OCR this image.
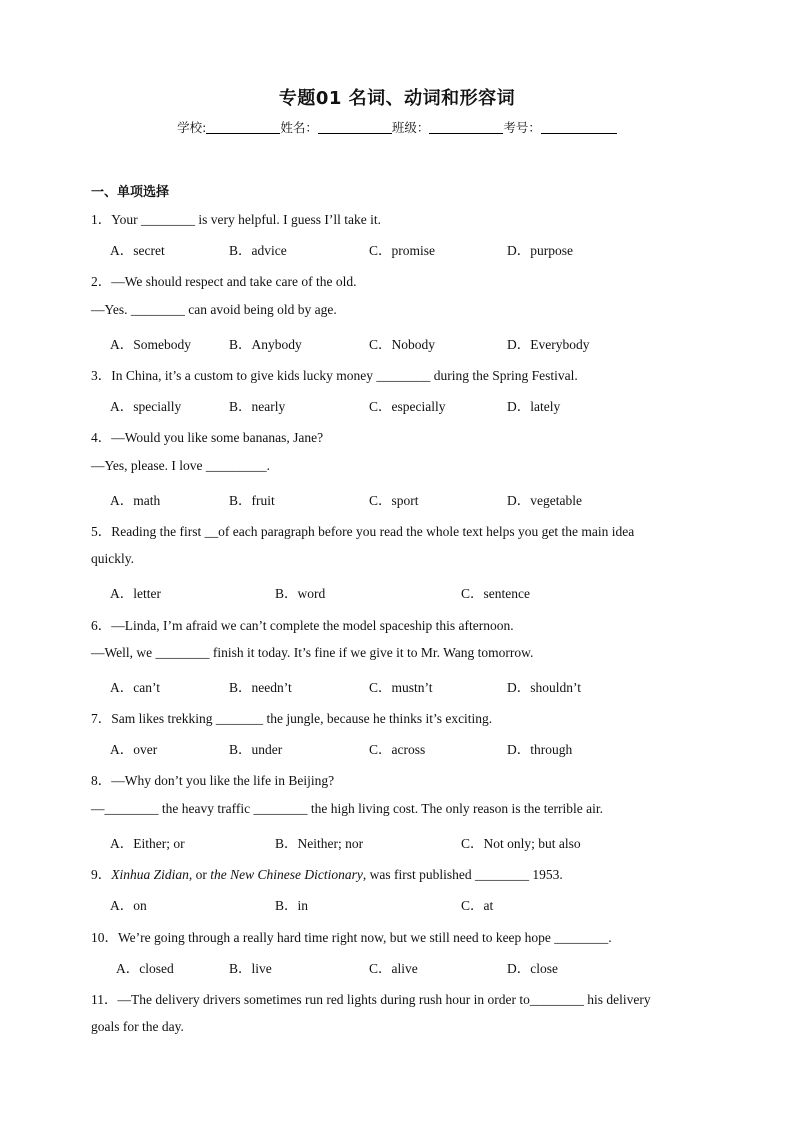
专题01 名词、动词和形容词
学校:	姓名：	班级：	考号：
一、单项选择
1．Your ________ is very helpful. I guess I’ll take it.
A．secret	B．advice	C．promise	D．purpose
2．—We should respect and take care of the old.
—Yes. ________ can avoid being old by age.
A．Somebody	B．Anybody	C．Nobody	D．Everybody
3．In China, it’s a custom to give kids lucky money ________ during the Spring Festival.
A．specially	B．nearly	C．especially	D．lately
4．—Would you like some bananas, Jane?
—Yes, please. I love _________.
A．math	B．fruit	C．sport	D．vegetable
5．Reading the first __of each paragraph before you read the whole text helps you get the main idea
quickly.
A．letter	B．word	C．sentence
6．—Linda, I’m afraid we can’t complete the model spaceship this afternoon.
—Well, we ________ finish it today. It’s fine if we give it to Mr. Wang tomorrow.
A．can’t	B．needn’t	C．mustn’t	D．shouldn’t
7．Sam likes trekking _______ the jungle, because he thinks it’s exciting.
A．over	B．under	C．across	D．through
8．—Why don’t you like the life in Beijing?
—________ the heavy traffic ________ the high living cost. The only reason is the terrible air.
A．Either; or	B．Neither; nor	C．Not only; but also
9．Xinhua Zidian, or the New Chinese Dictionary, was first published ________ 1953.
A．on	B．in	C．at
10．We’re going through a really hard time right now, but we still need to keep hope ________.
A．closed	B．live	C．alive	D．close
11．—The delivery drivers sometimes run red lights during rush hour in order to________ his delivery
goals for the day.
